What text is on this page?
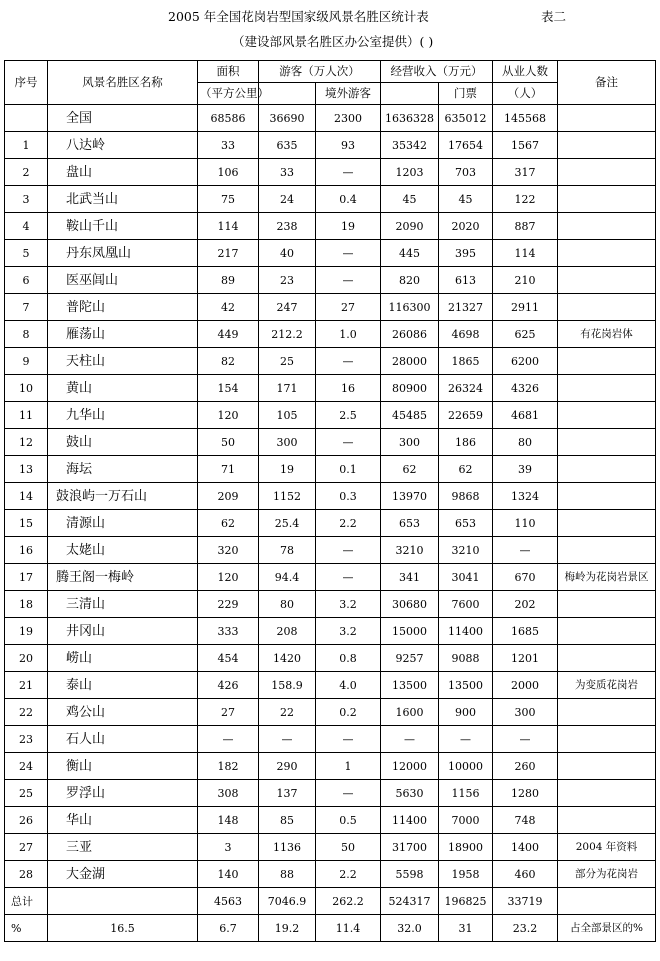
2005 年全国花岗岩型国家级风景名胜区统计表	表二
（建设部风景名胜区办公室提供）( )
序号	风景名胜区名称	面积	游客（万人次）		经营收入（万元）		从业人数	备注
		（平方公里）		境外游客		门票	（人）	
	全国	68586	36690	2300	1636328	635012	145568	
1	八达岭	33	635	93	35342	17654	1567	
2	盘山	106	33	—	1203	703	317	
3	北武当山	75	24	0.4	45	45	122	
4	鞍山千山	114	238	19	2090	2020	887	
5	丹东凤凰山	217	40	—	445	395	114	
6	医巫闾山	89	23	—	820	613	210	
7	普陀山	42	247	27	116300	21327	2911	
8	雁荡山	449	212.2	1.0	26086	4698	625	有花岗岩体
9	天柱山	82	25	—	28000	1865	6200	
10	黄山	154	171	16	80900	26324	4326	
11	九华山	120	105	2.5	45485	22659	4681	
12	鼓山	50	300	—	300	186	80	
13	海坛	71	19	0.1	62	62	39	
14	鼓浪屿一万石山	209	1152	0.3	13970	9868	1324	
15	清源山	62	25.4	2.2	653	653	110	
16	太姥山	320	78	—	3210	3210	—	
17	腾王阁一梅岭	120	94.4	—	341	3041	670	梅岭为花岗岩景区
18	三清山	229	80	3.2	30680	7600	202	
19	井冈山	333	208	3.2	15000	11400	1685	
20	崂山	454	1420	0.8	9257	9088	1201	
21	泰山	426	158.9	4.0	13500	13500	2000	为变质花岗岩
22	鸡公山	27	22	0.2	1600	900	300	
23	石人山	—	—	—	—	—	—	
24	衡山	182	290	1	12000	10000	260	
25	罗浮山	308	137	—	5630	1156	1280	
26	华山	148	85	0.5	11400	7000	748	
27	三亚	3	1136	50	31700	18900	1400	2004 年资料
28	大金湖	140	88	2.2	5598	1958	460	部分为花岗岩
总计		4563	7046.9	262.2	524317	196825	33719	
%	16.5	6.7	19.2	11.4	32.0	31	23.2	占全部景区的%
